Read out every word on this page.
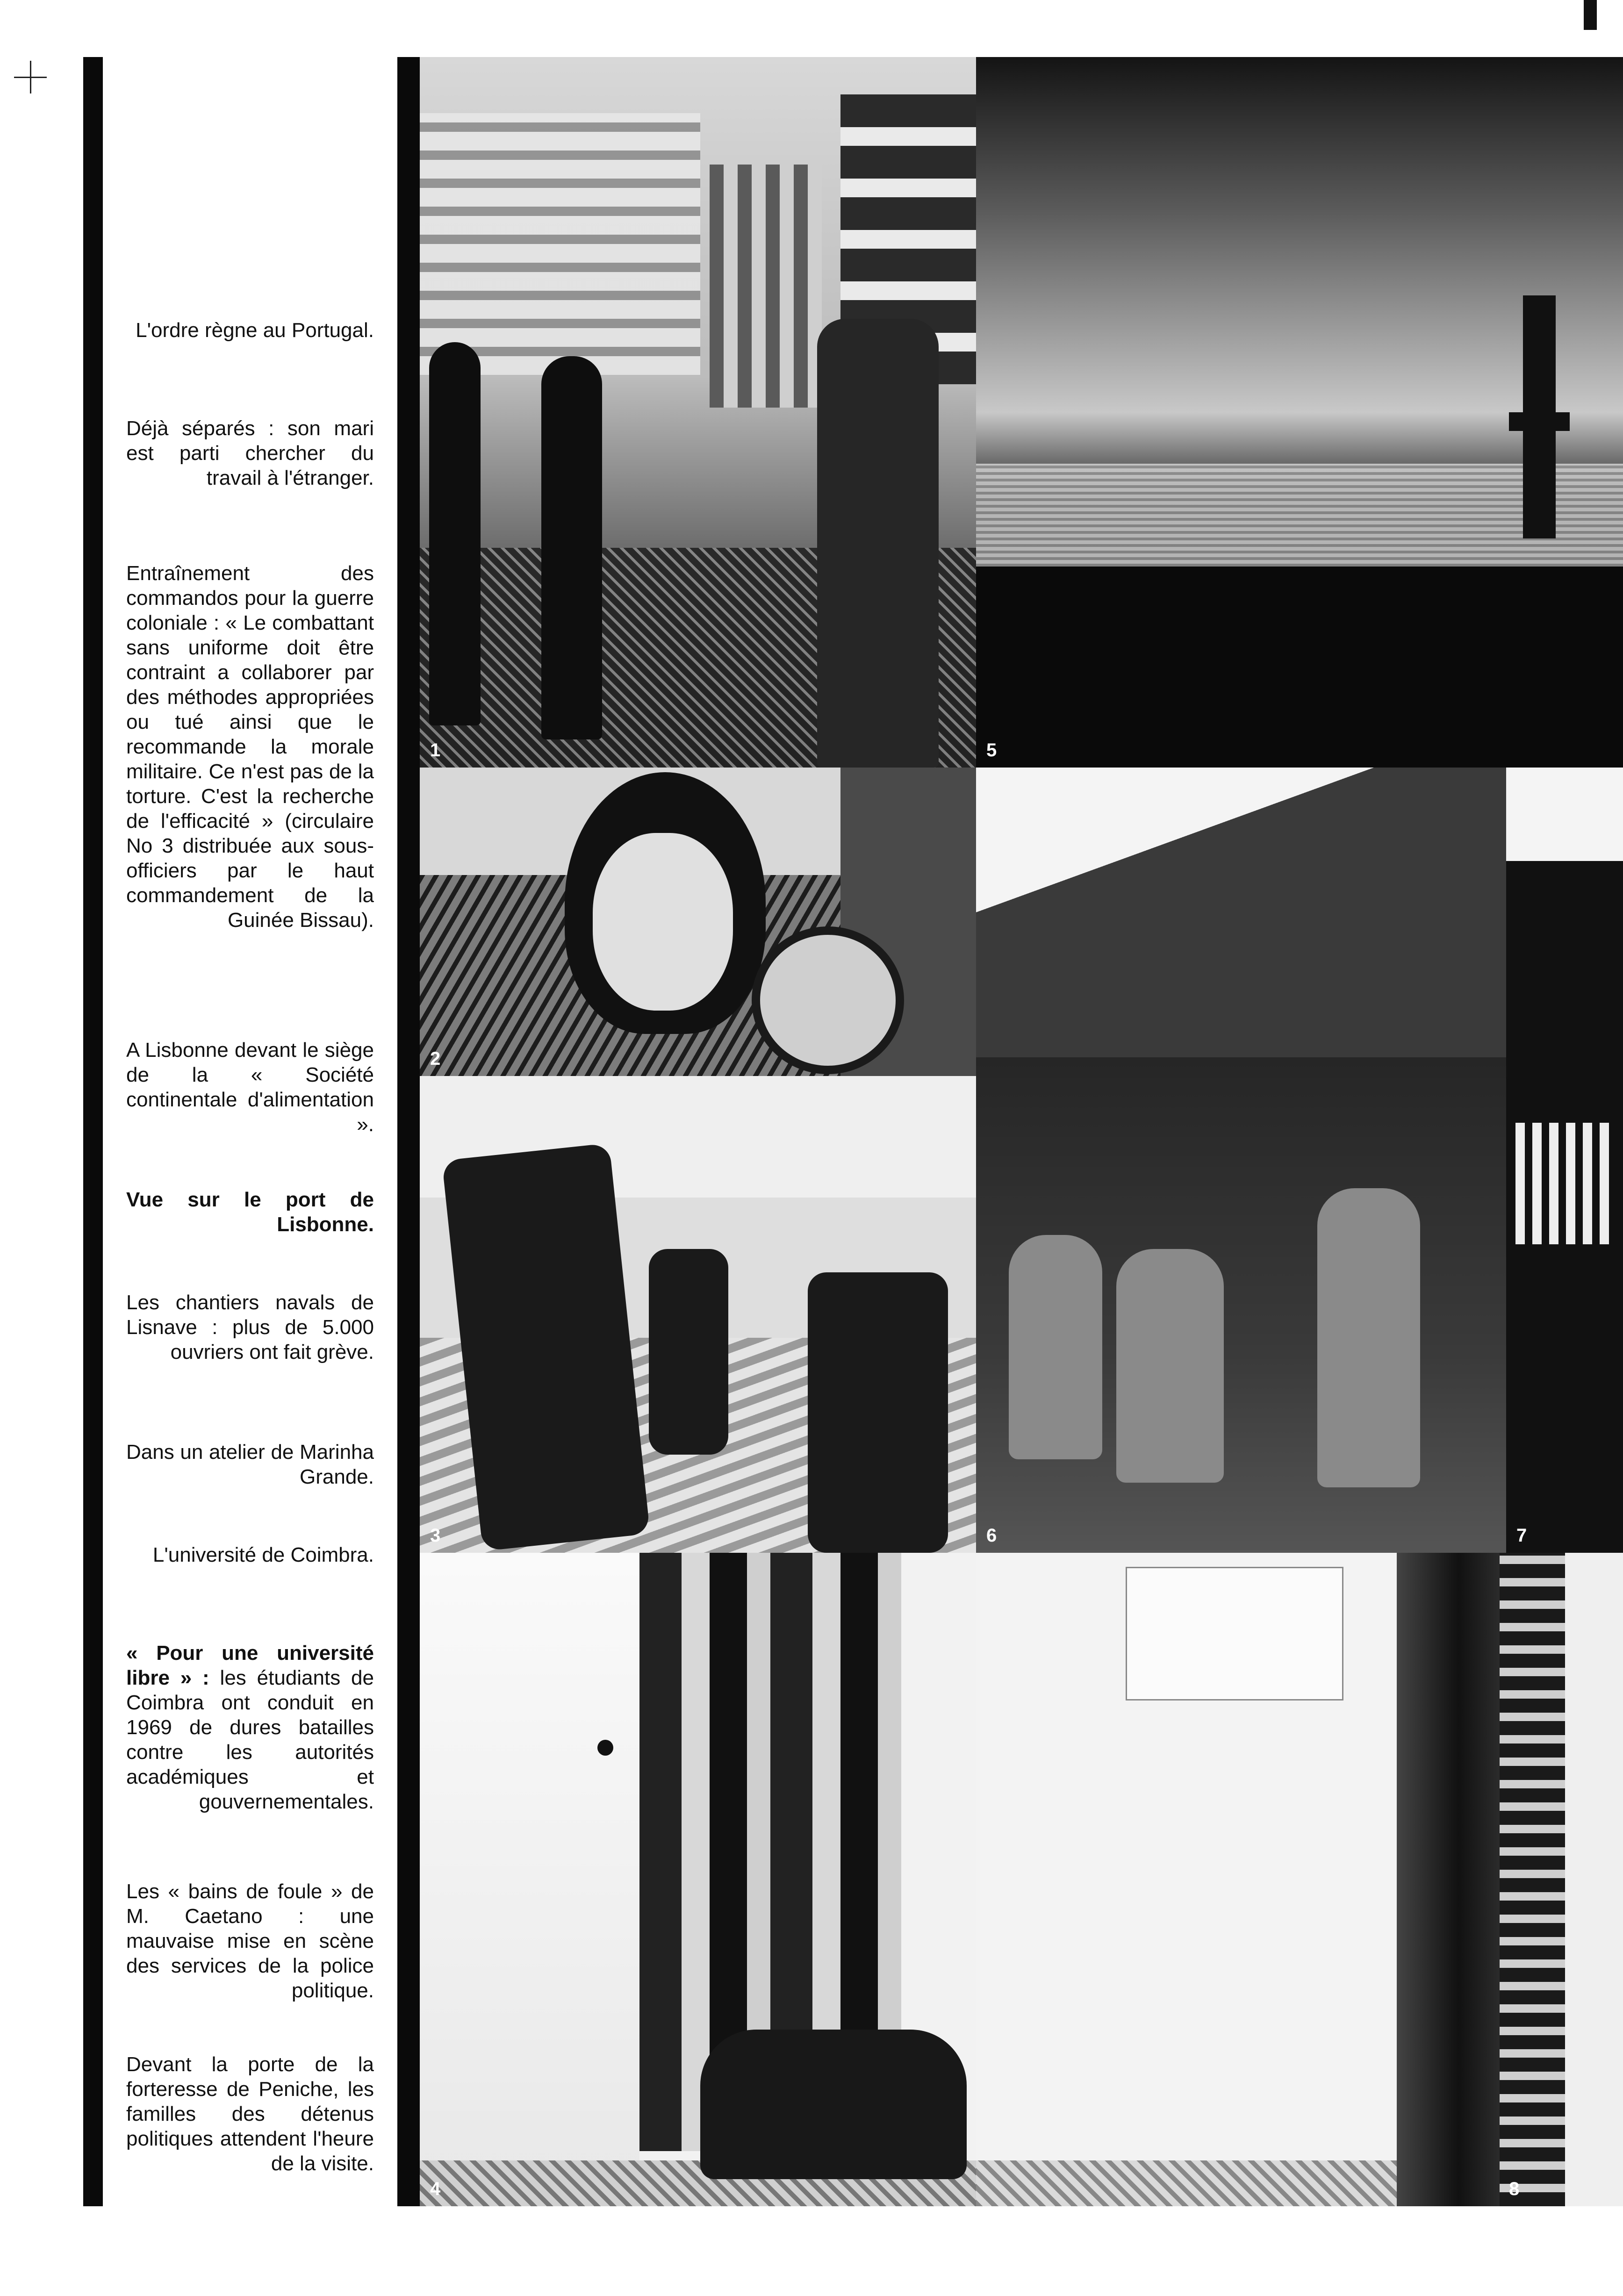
L'ordre règne au Portugal.
Déjà séparés : son mari est parti chercher du travail à l'étranger.
Entraînement des commandos pour la guerre coloniale : « Le combattant sans uniforme doit être contraint a collaborer par des méthodes appropriées ou tué ainsi que le recommande la morale militaire. Ce n'est pas de la torture. C'est la recherche de l'efficacité » (circulaire No 3 distribuée aux sous-officiers par le haut commandement de la Guinée Bissau).
A Lisbonne devant le siège de la « Société continentale d'alimentation ».
Vue sur le port de Lisbonne.
Les chantiers navals de Lisnave : plus de 5.000 ouvriers ont fait grève.
Dans un atelier de Marinha Grande.
L'université de Coimbra.
« Pour une université libre » : les étudiants de Coimbra ont conduit en 1969 de dures batailles contre les autorités académiques et gouvernementales.
Les « bains de foule » de M. Caetano : une mauvaise mise en scène des services de la police politique.
Devant la porte de la forteresse de Peniche, les familles des détenus politiques attendent l'heure de la visite.
1
2
3
4
5
6	7
8
